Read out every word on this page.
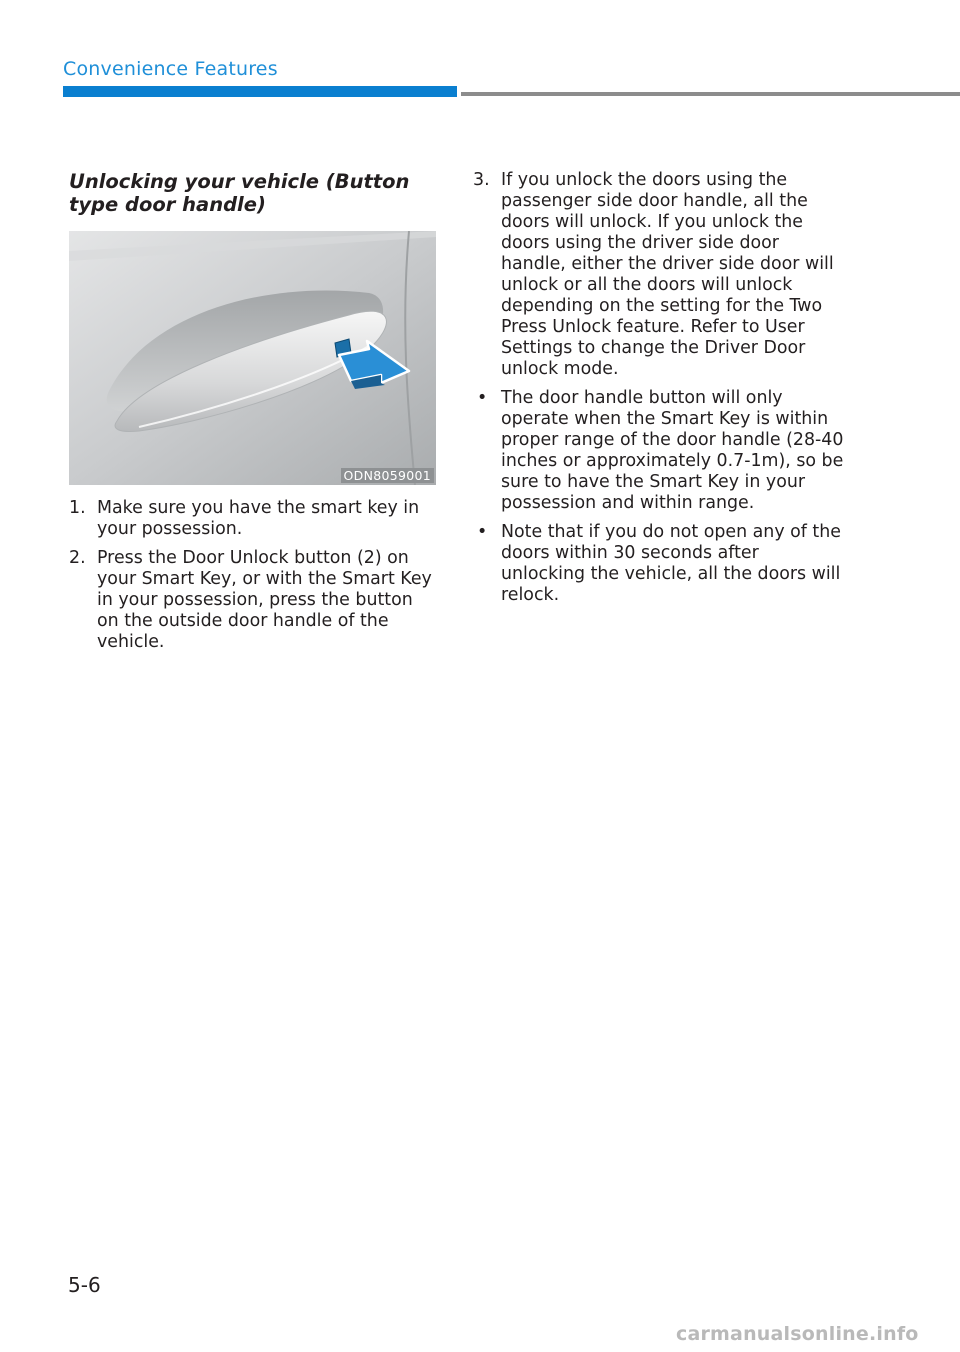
Convenience Features
Unlocking your vehicle (Button type door handle)
ODN8059001
1. Make sure you have the smart key in your possession.
2. Press the Door Unlock button (2) on your Smart Key, or with the Smart Key in your possession, press the button on the outside door handle of the vehicle.
3. If you unlock the doors using the passenger side door handle, all the doors will unlock. If you unlock the doors using the driver side door handle, either the driver side door will unlock or all the doors will unlock depending on the setting for the Two Press Unlock feature. Refer to User Settings to change the Driver Door unlock mode.
• The door handle button will only operate when the Smart Key is within proper range of the door handle (28-40 inches or approximately 0.7-1m), so be sure to have the Smart Key in your possession and within range.
• Note that if you do not open any of the doors within 30 seconds after unlocking the vehicle, all the doors will relock.
5-6
carmanualsonline.info
